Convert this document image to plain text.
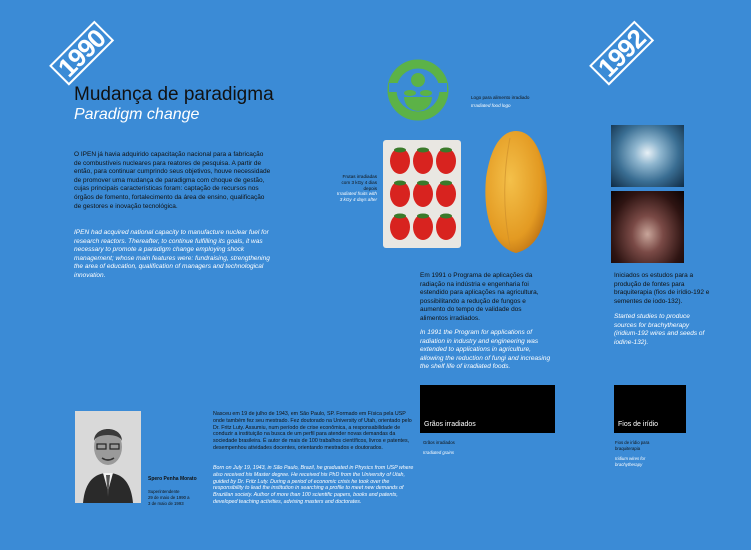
1990	1992
Mudança de paradigma
Paradigm change
O IPEN já havia adquirido capacitação nacional para a fabricação de combustíveis nucleares para reatores de pesquisa. A partir de então, para continuar cumprindo seus objetivos, houve necessidade de promover uma mudança de paradigma com choque de gestão, cujas principais características foram: captação de recursos nos órgãos de fomento, fortalecimento da área de ensino, qualificação de gestores e inovação tecnológica.
IPEN had acquired national capacity to manufacture nuclear fuel for research reactors. Thereafter, to continue fulfilling its goals, it was necessary to promote a paradigm change employing shock management; whose main features were: fundraising, strengthening the area of education, qualification of managers and technological innovation.
Logo para alimento irradiado
Irradiated food logo
Frutas irradiadas com 3 kGy 4 dias depois
Irradiated fruits with 3 kGy 4 days after
Em 1991 o Programa de aplicações da radiação na indústria e engenharia foi estendido para aplicações na agricultura, possibilitando a redução de fungos e aumento do tempo de validade dos alimentos irradiados.
In 1991 the Program for applications of radiation in industry and engineering was extended to applications in agriculture, allowing the reduction of fungi and increasing the shelf life of irradiated foods.
Iniciados os estudos para a produção de fontes para braquiterapia (fios de irídio-192 e sementes de iodo-132).
Started studies to produce sources for brachytherapy (iridium-192 wires and seeds of iodine-132).
Grãos irradiados
Grãos irradiados
Irradiated grains
Fios de irídio
Fios de irídio para braquiterapia
Iridium wires for brachytherapy
Spero Penha Morato
Superintendente
29 de maio de 1990 a 3 de maio de 1993
Nasceu em 19 de julho de 1943, em São Paulo, SP. Formado em Física pela USP onde também fez seu mestrado. Fez doutorado na University of Utah, orientado pelo Dr. Fritz Luty. Assumiu, num período de crise econômica, a responsabilidade de conduzir a instituição na busca de um perfil para atender novas demandas da sociedade brasileira. É autor de mais de 100 trabalhos científicos, livros e patentes, desempenhou atividades docentes, orientando mestrados e doutorados.
Born on July 19, 1943, in São Paulo, Brazil, he graduated in Physics from USP where also received his Master degree. He received his PhD from the University of Utah, guided by Dr. Fritz Luty. During a period of economic crisis he took over the responsibility to lead the institution in searching a profile to meet new demands of Brazilian society. Author of more than 100 scientific papers, books and patents, developed teaching activities, advising masters and doctorates.
